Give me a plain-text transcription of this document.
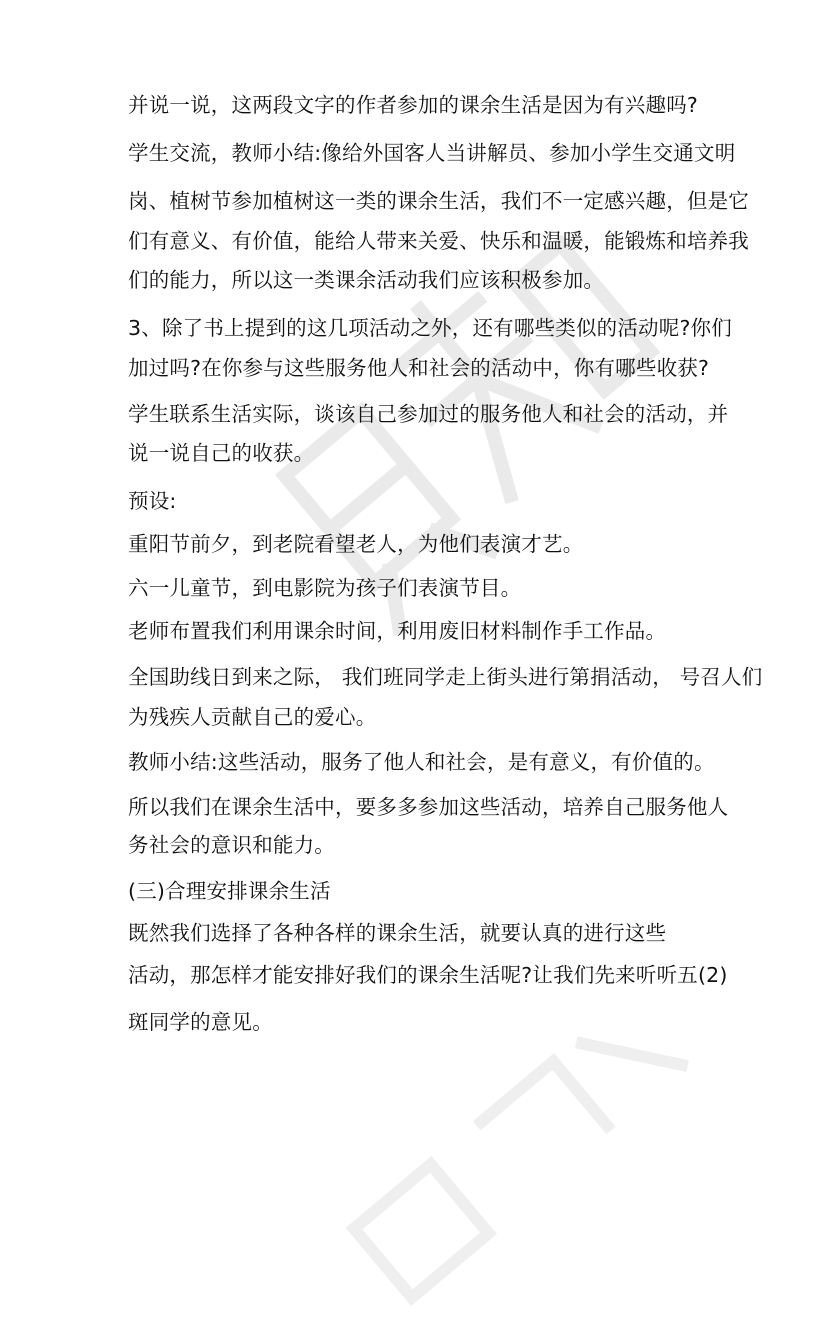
并说一说，这两段文字的作者参加的课余生活是因为有兴趣吗?
学生交流，教师小结:像给外国客人当讲解员、参加小学生交通文明
岗、植树节参加植树这一类的课余生活，我们不一定感兴趣，但是它
们有意义、有价值，能给人带来关爱、快乐和温暖，能锻炼和培养我
们的能力，所以这一类课余活动我们应该积极参加。
3、除了书上提到的这几项活动之外，还有哪些类似的活动呢?你们
加过吗?在你参与这些服务他人和社会的活动中，你有哪些收获?
学生联系生活实际，谈该自己参加过的服务他人和社会的活动，并
说一说自己的收获。
预设:
重阳节前夕，到老院看望老人，为他们表演才艺。
六一儿童节，到电影院为孩子们表演节目。
老师布置我们利用课余时间，利用废旧材料制作手工作品。
全国助线日到来之际， 我们班同学走上街头进行第捐活动， 号召人们
为残疾人贡献自己的爱心。
教师小结:这些活动，服务了他人和社会，是有意义，有价值的。
所以我们在课余生活中，要多多参加这些活动，培养自己服务他人
务社会的意识和能力。
(三)合理安排课余生活
既然我们选择了各种各样的课余生活，就要认真的进行这些
活动，那怎样才能安排好我们的课余生活呢?让我们先来听听五(2)
斑同学的意见。
